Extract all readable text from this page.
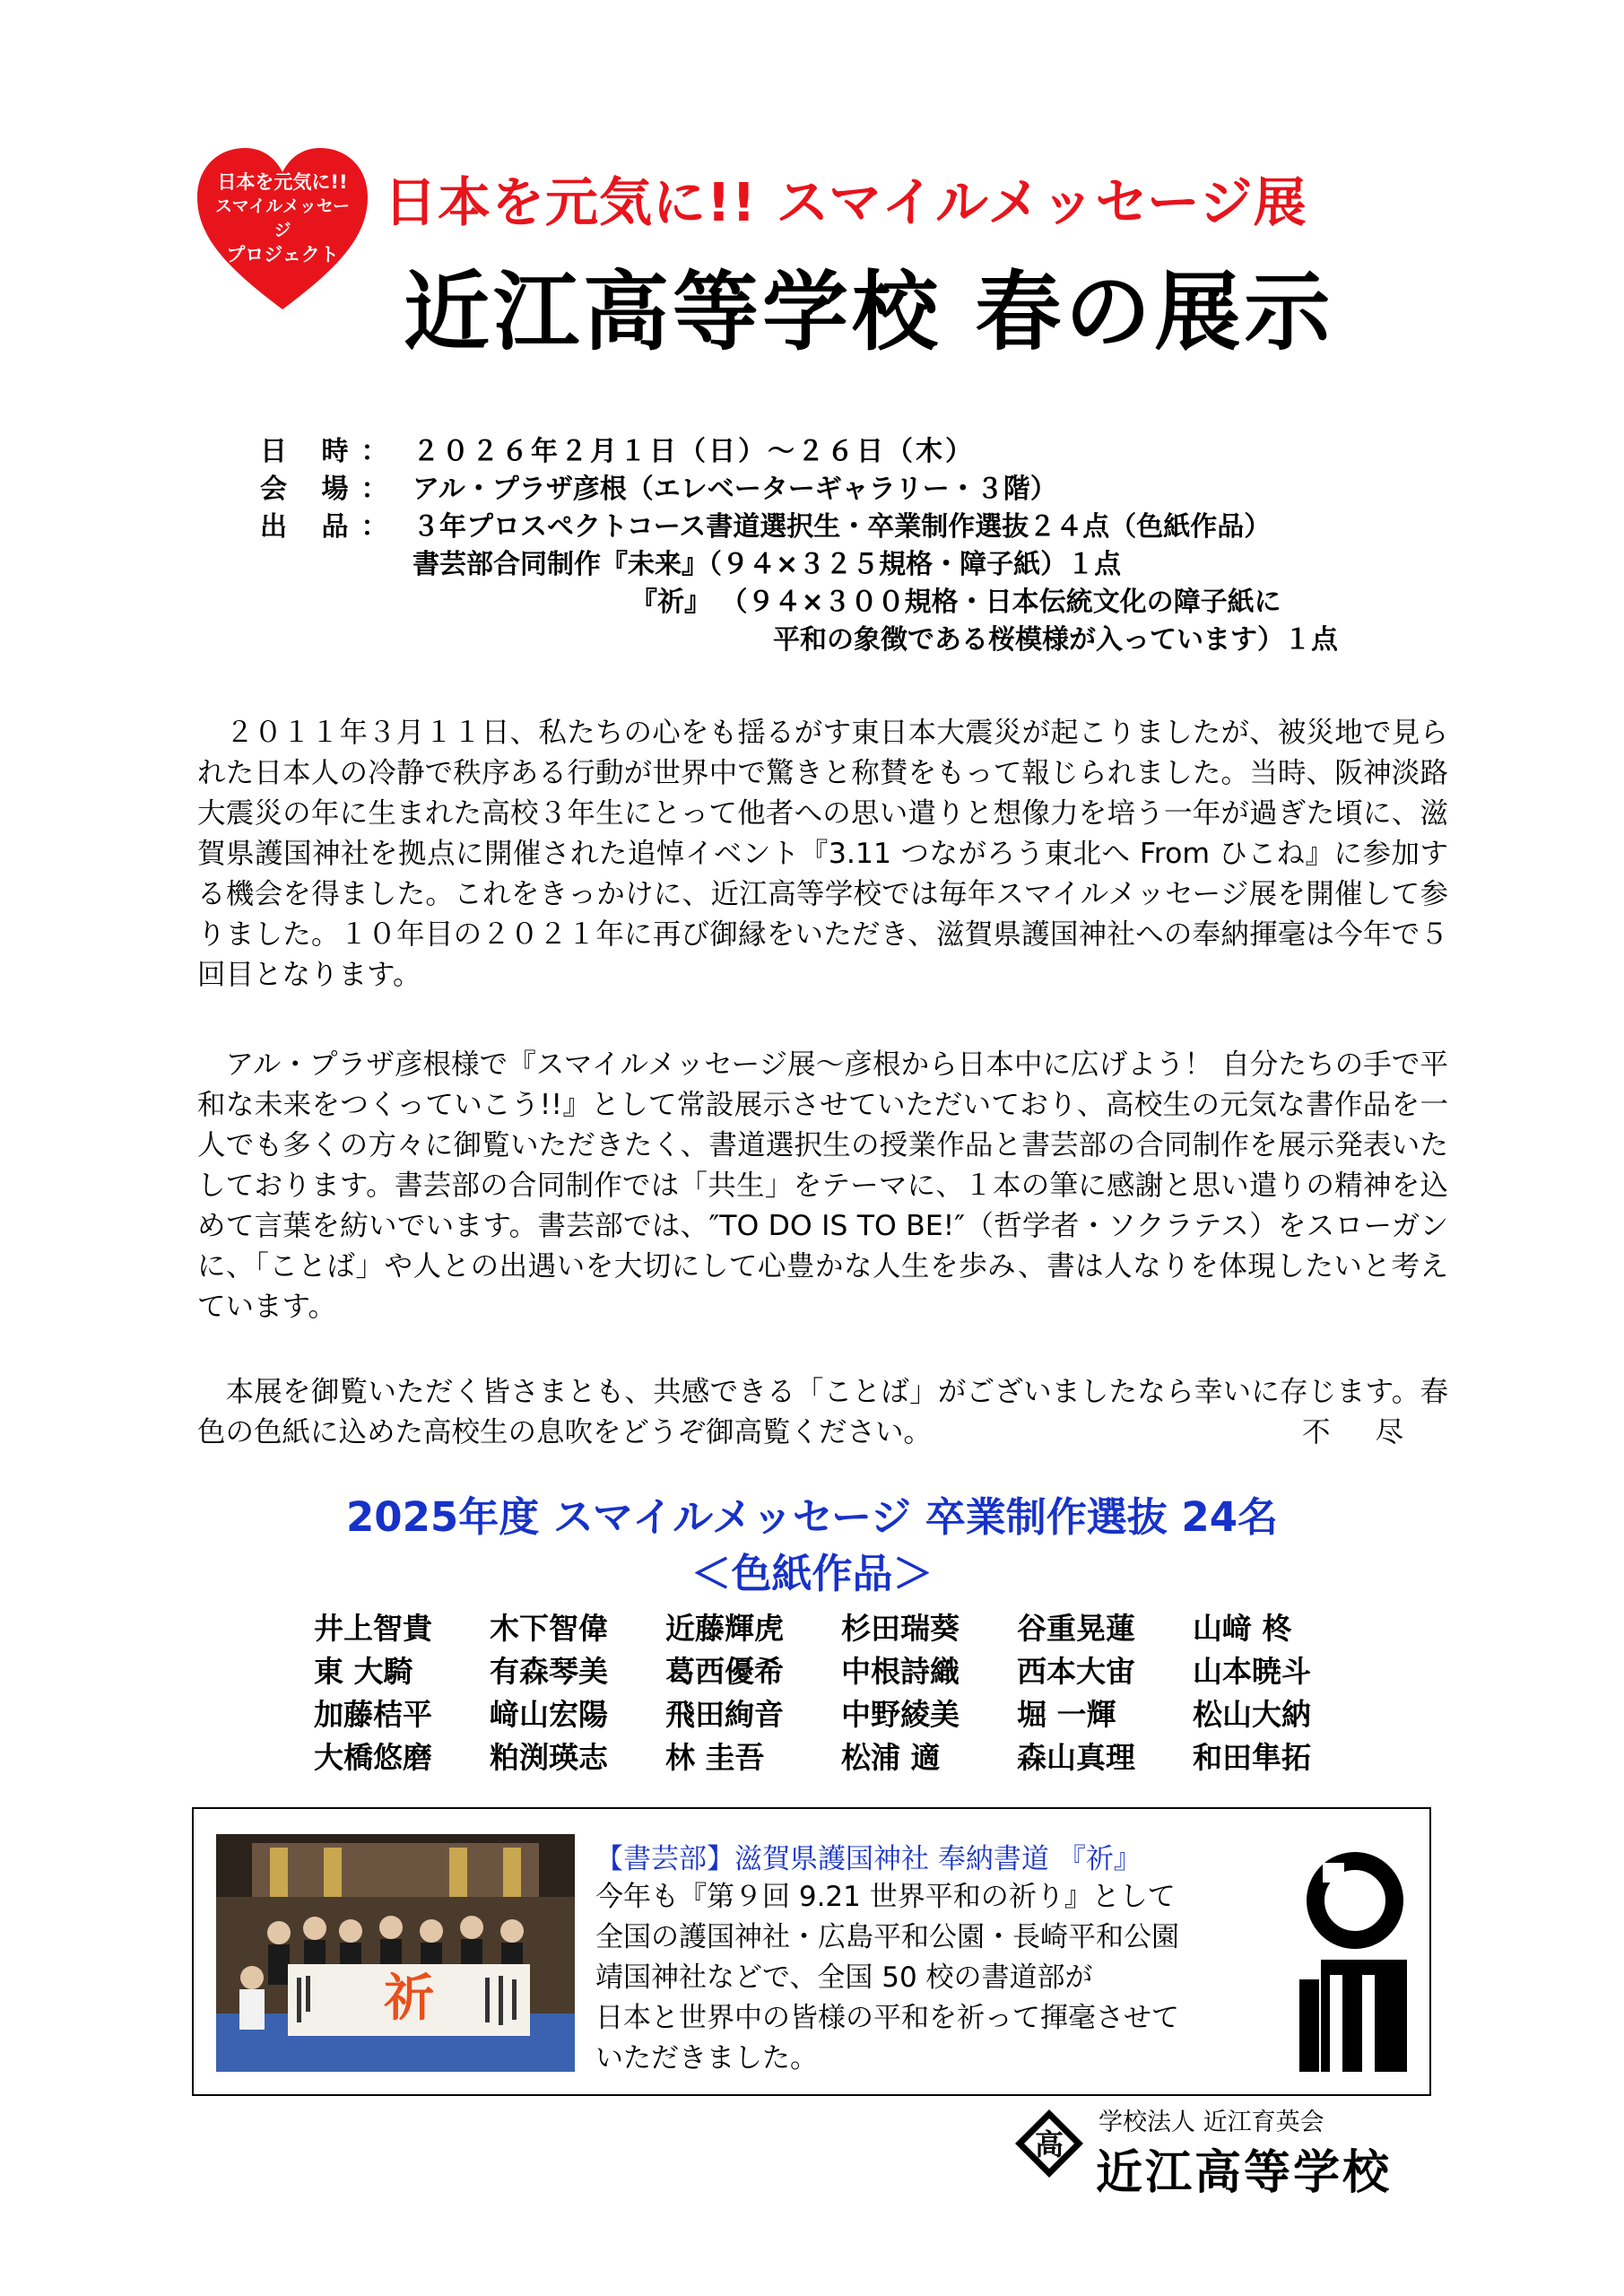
日本を元気に!!
スマイルメッセージ
プロジェクト
日本を元気に!! スマイルメッセージ展
近江高等学校 春の展示
日 時： ２０２６年２月１日（日）～２６日（木）
会 場： アル・プラザ彦根（エレベーターギャラリー・３階）
出 品： ３年プロスペクトコース書道選択生・卒業制作選抜２４点（色紙作品）
書芸部合同制作『未来』（９４×３２５規格・障子紙）１点
『祈』 （９４×３００規格・日本伝統文化の障子紙に
平和の象徴である桜模様が入っています）１点

２０１１年３月１１日、私たちの心をも揺るがす東日本大震災が起こりましたが、被災地で見られた日本人の冷静で秩序ある行動が世界中で驚きと称賛をもって報じられました。当時、阪神淡路大震災の年に生まれた高校３年生にとって他者への思い遣りと想像力を培う一年が過ぎた頃に、滋賀県護国神社を拠点に開催された追悼イベント『3.11 つながろう東北へ From ひこね』に参加する機会を得ました。これをきっかけに、近江高等学校では毎年スマイルメッセージ展を開催して参りました。１０年目の２０２１年に再び御縁をいただき、滋賀県護国神社への奉納揮毫は今年で５回目となります。

アル・プラザ彦根様で『スマイルメッセージ展～彦根から日本中に広げよう！ 自分たちの手で平和な未来をつくっていこう!!』として常設展示させていただいており、高校生の元気な書作品を一人でも多くの方々に御覧いただきたく、書道選択生の授業作品と書芸部の合同制作を展示発表いたしております。書芸部の合同制作では「共生」をテーマに、１本の筆に感謝と思い遣りの精神を込めて言葉を紡いでいます。書芸部では、″TO DO IS TO BE!″（哲学者・ソクラテス）をスローガンに、「ことば」や人との出遇いを大切にして心豊かな人生を歩み、書は人なりを体現したいと考えています。

本展を御覧いただく皆さまとも、共感できる「ことば」がございましたなら幸いに存じます。春色の色紙に込めた高校生の息吹をどうぞ御高覧ください。	不 尽

2025年度 スマイルメッセージ 卒業制作選抜 24名
＜色紙作品＞
井上智貴 木下智偉 近藤輝虎 杉田瑞葵 谷重晃蓮 山﨑 柊
東 大騎	有森琴美 葛西優希 中根詩織 西本大宙 山本暁斗
加藤桔平 﨑山宏陽 飛田絢音 中野綾美 堀 一輝	松山大納
大橋悠磨 粕渕瑛志 林 圭吾	松浦 適	森山真理 和田隼拓
祈
【書芸部】滋賀県護国神社 奉納書道 『祈』
今年も『第９回 9.21 世界平和の祈り』として
全国の護国神社・広島平和公園・長崎平和公園
靖国神社などで、全国 50 校の書道部が
日本と世界中の皆様の平和を祈って揮毫させて
いただきました。
高
学校法人 近江育英会
近江高等学校
